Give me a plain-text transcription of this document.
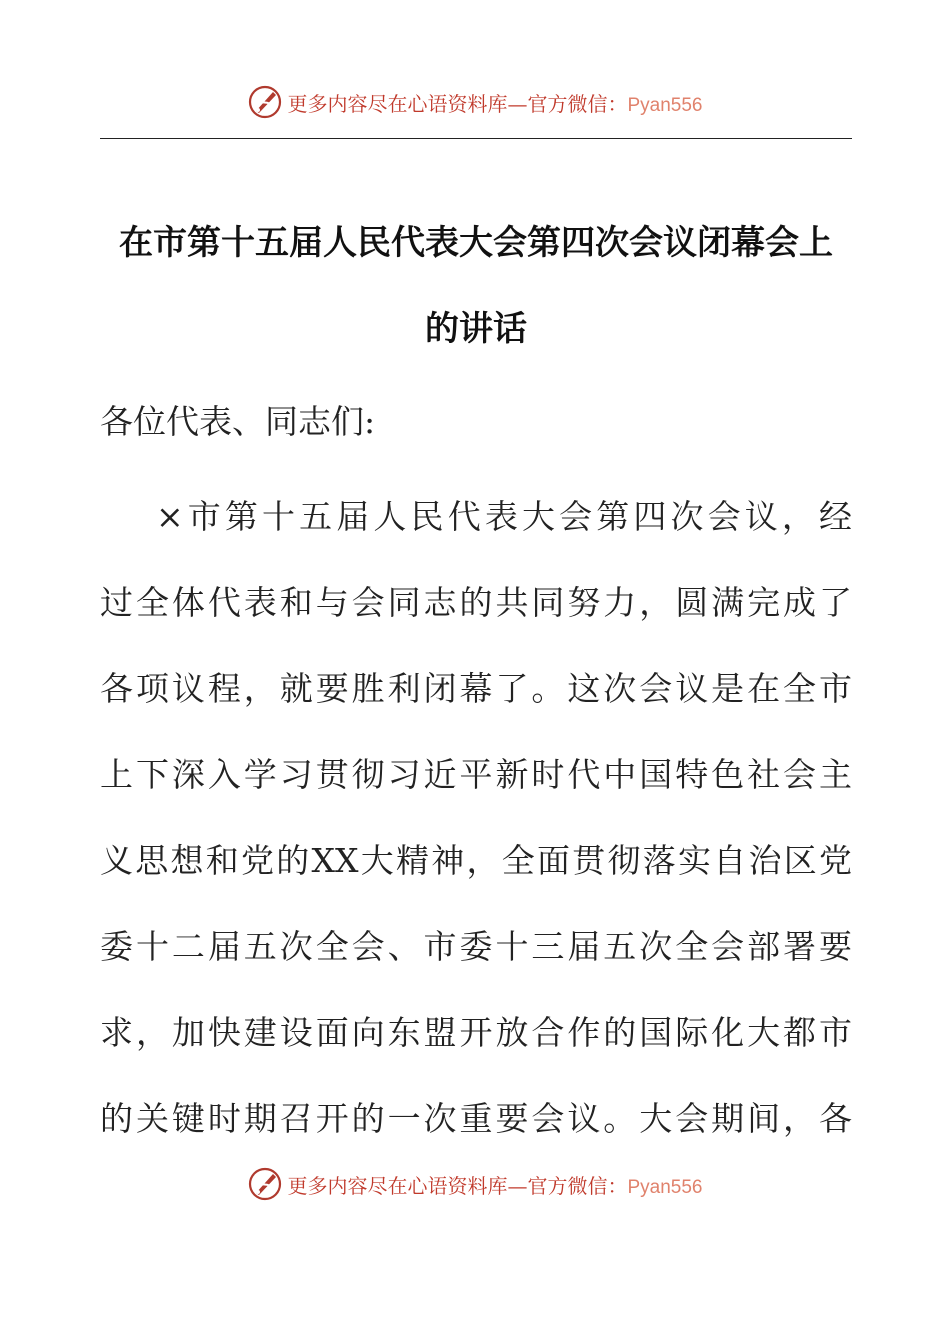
更多内容尽在心语资料库—官方微信：Pyan556
在市第十五届人民代表大会第四次会议闭幕会上
的讲话

各位代表、同志们:

×市第十五届人民代表大会第四次会议，经
过全体代表和与会同志的共同努力，圆满完成了
各项议程，就要胜利闭幕了。这次会议是在全市
上下深入学习贯彻习近平新时代中国特色社会主
义思想和党的XX大精神，全面贯彻落实自治区党
委十二届五次全会、市委十三届五次全会部署要
求，加快建设面向东盟开放合作的国际化大都市
的关键时期召开的一次重要会议。大会期间，各
更多内容尽在心语资料库—官方微信：Pyan556
